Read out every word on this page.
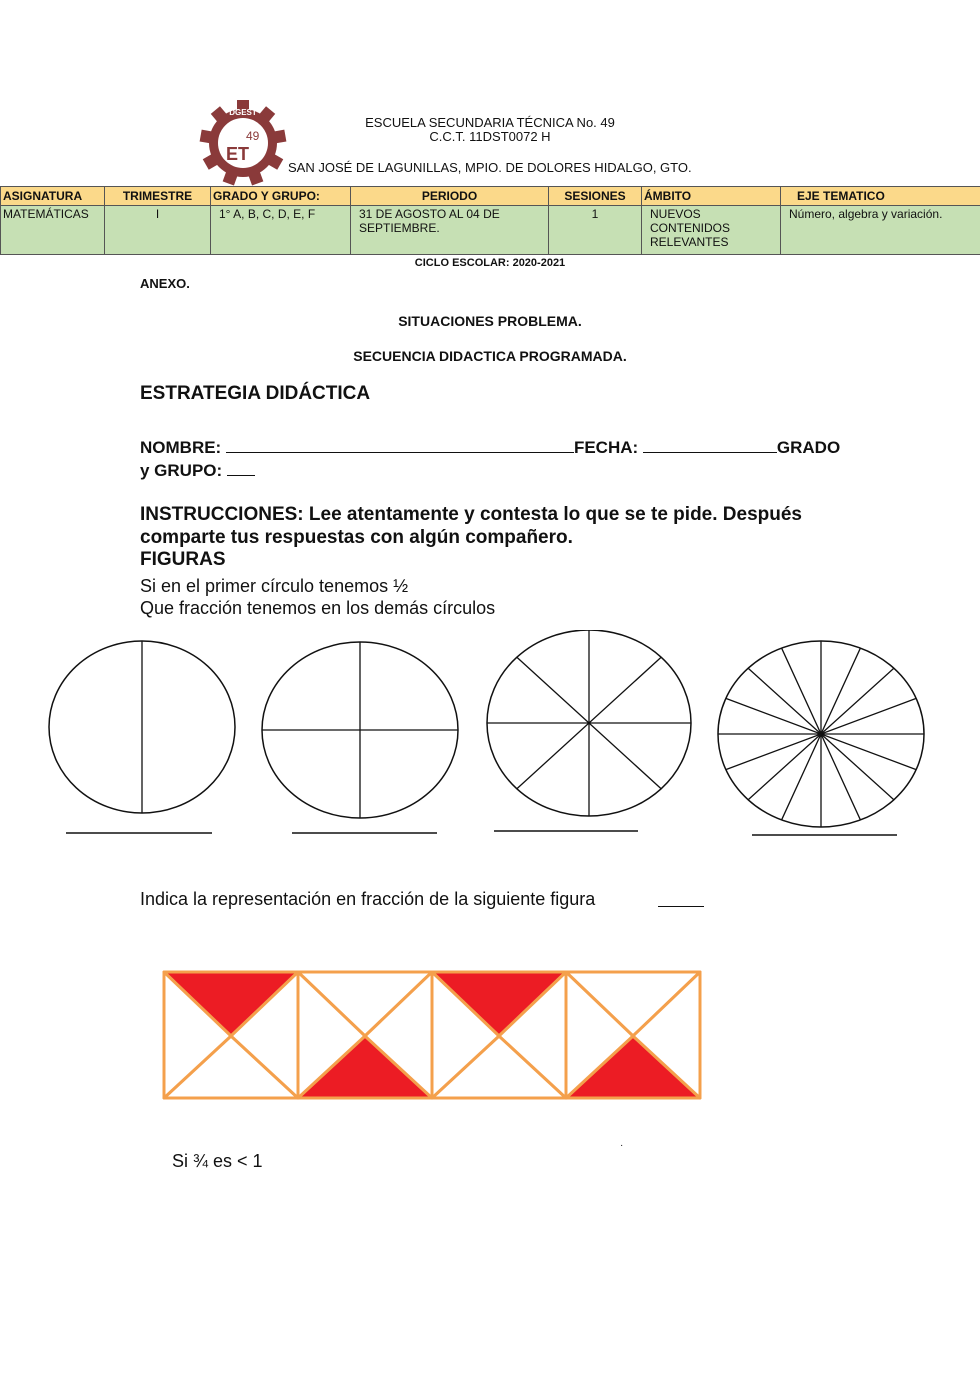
DGEST
49
ET
ESCUELA SECUNDARIA TÉCNICA No. 49
C.C.T. 11DST0072 H
SAN JOSÉ DE LAGUNILLAS, MPIO. DE DOLORES HIDALGO, GTO.
ASIGNATURA	TRIMESTRE	GRADO Y GRUPO:	PERIODO	SESIONES	ÁMBITO	EJE TEMATICO
MATEMÁTICAS	I	1° A, B, C, D, E, F	31 DE AGOSTO AL 04 DE SEPTIEMBRE.	1	NUEVOS CONTENIDOS RELEVANTES	Número, algebra y variación.
CICLO ESCOLAR: 2020-2021
ANEXO.
SITUACIONES PROBLEMA.
SECUENCIA DIDACTICA PROGRAMADA.
ESTRATEGIA DIDÁCTICA
NOMBRE:	FECHA:	GRADO
y GRUPO:
INSTRUCCIONES: Lee atentamente y contesta lo que se te pide. Después comparte tus respuestas con algún compañero.
FIGURAS
Si en el primer círculo tenemos ½
Que fracción tenemos en los demás círculos
Indica la representación en fracción de la siguiente figura
Si ¾ es < 1
·
